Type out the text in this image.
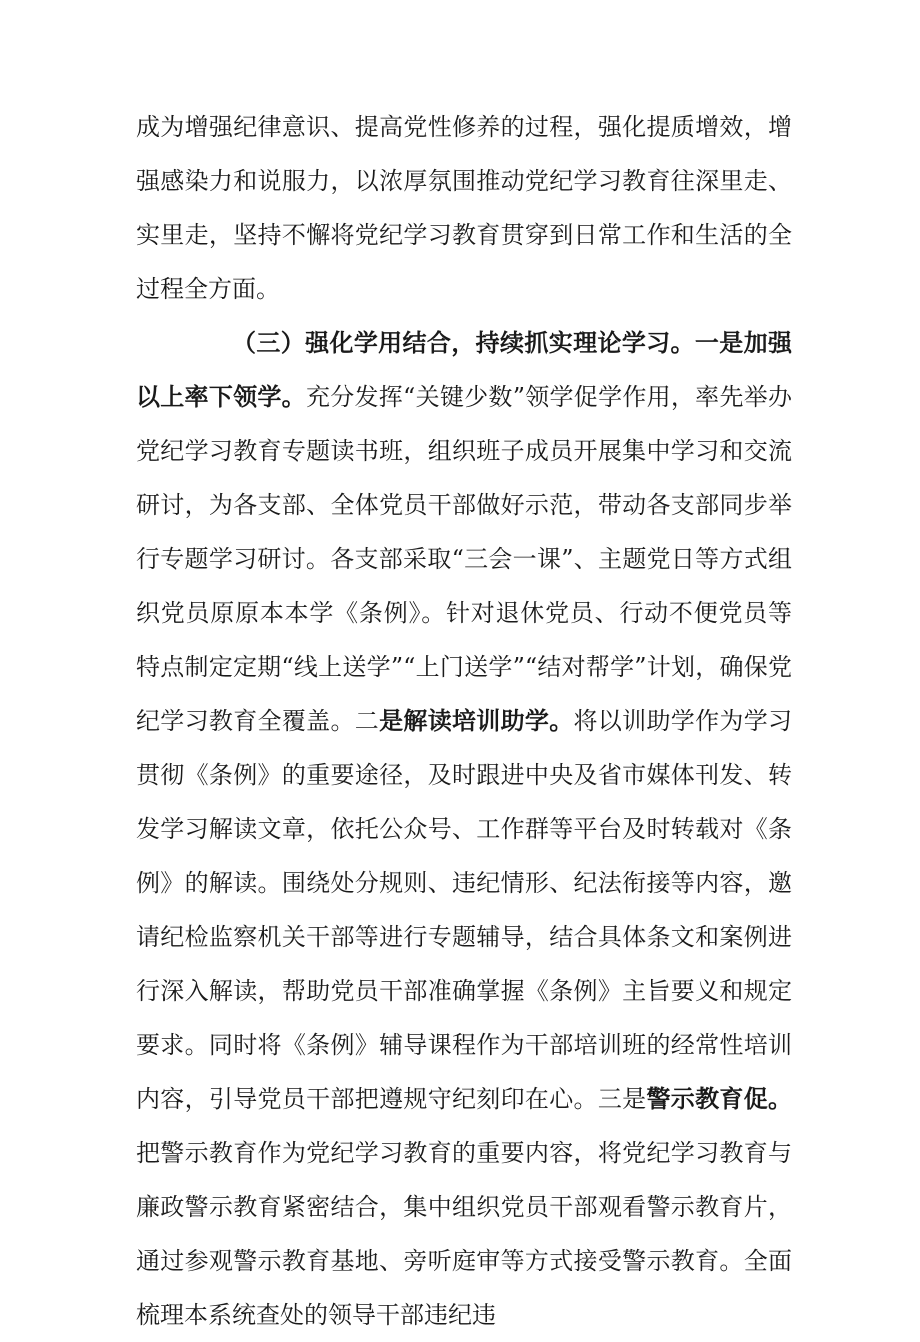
成为增强纪律意识、提高党性修养的过程，强化提质增效，增强感染力和说服力，以浓厚氛围推动党纪学习教育往深里走、实里走，坚持不懈将党纪学习教育贯穿到日常工作和生活的全过程全方面。

（三）强化学用结合，持续抓实理论学习。一是加强以上率下领学。充分发挥“关键少数”领学促学作用，率先举办党纪学习教育专题读书班，组织班子成员开展集中学习和交流研讨，为各支部、全体党员干部做好示范，带动各支部同步举行专题学习研讨。各支部采取“三会一课”、主题党日等方式组织党员原原本本学《条例》。针对退休党员、行动不便党员等特点制定定期“线上送学”“上门送学”“结对帮学”计划，确保党纪学习教育全覆盖。二是解读培训助学。将以训助学作为学习贯彻《条例》的重要途径，及时跟进中央及省市媒体刊发、转发学习解读文章，依托公众号、工作群等平台及时转载对《条例》的解读。围绕处分规则、违纪情形、纪法衔接等内容，邀请纪检监察机关干部等进行专题辅导，结合具体条文和案例进行深入解读，帮助党员干部准确掌握《条例》主旨要义和规定要求。同时将《条例》辅导课程作为干部培训班的经常性培训内容，引导党员干部把遵规守纪刻印在心。三是警示教育促。把警示教育作为党纪学习教育的重要内容，将党纪学习教育与廉政警示教育紧密结合，集中组织党员干部观看警示教育片，通过参观警示教育基地、旁听庭审等方式接受警示教育。全面梳理本系统查处的领导干部违纪违
